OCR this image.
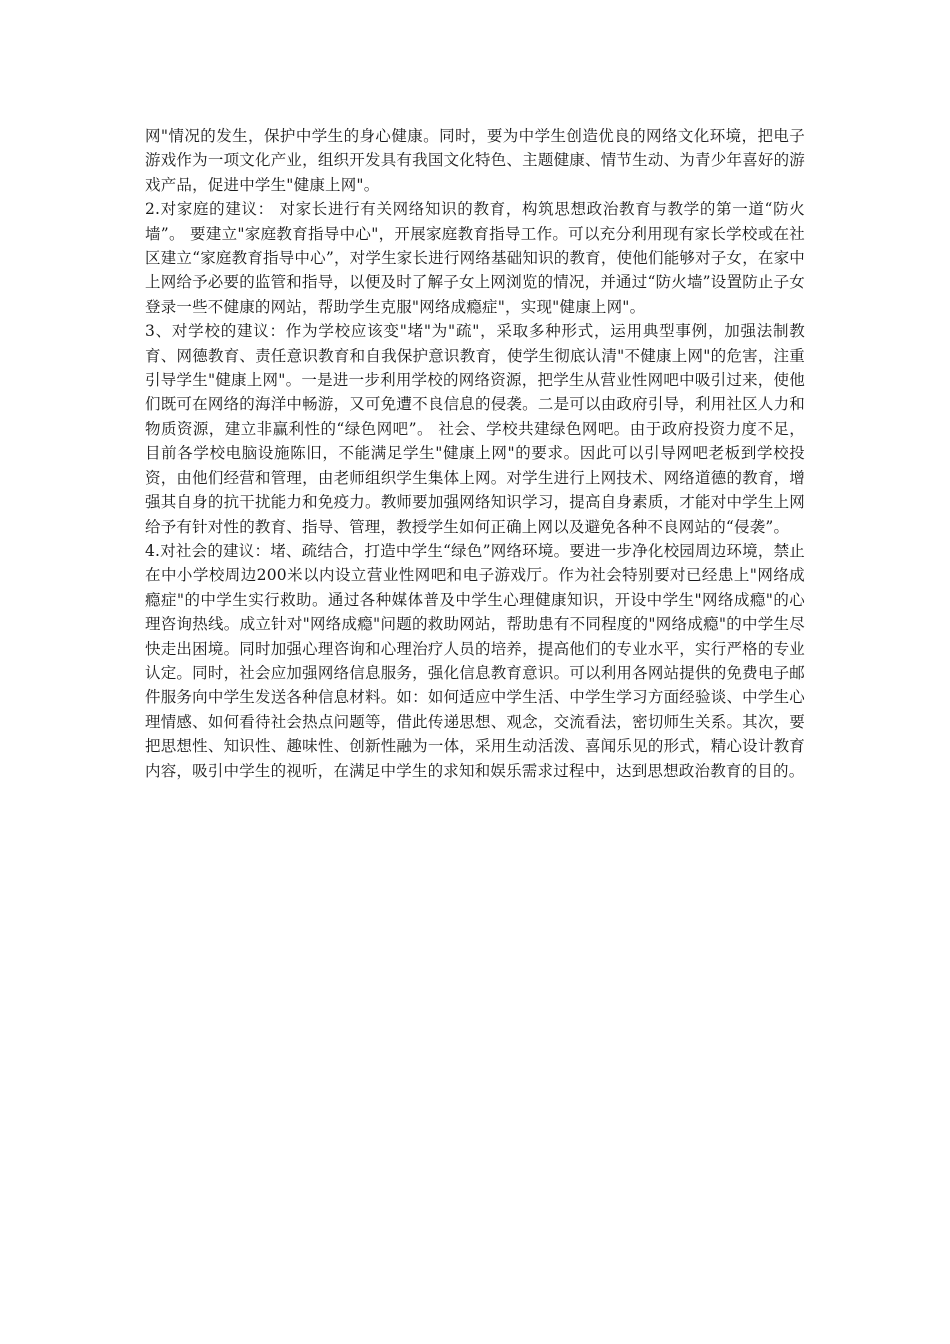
网"情况的发生，保护中学生的身心健康。同时，要为中学生创造优良的网络文化环境，把电子游戏作为一项文化产业，组织开发具有我国文化特色、主题健康、情节生动、为青少年喜好的游戏产品，促进中学生"健康上网"。

2.对家庭的建议： 对家长进行有关网络知识的教育，构筑思想政治教育与教学的第一道“防火墙”。 要建立"家庭教育指导中心"，开展家庭教育指导工作。可以充分利用现有家长学校或在社区建立“家庭教育指导中心”，对学生家长进行网络基础知识的教育，使他们能够对子女，在家中上网给予必要的监管和指导，以便及时了解子女上网浏览的情况，并通过“防火墙”设置防止子女登录一些不健康的网站，帮助学生克服"网络成瘾症"，实现"健康上网"。

3、对学校的建议：作为学校应该变"堵"为"疏"，采取多种形式，运用典型事例，加强法制教育、网德教育、责任意识教育和自我保护意识教育，使学生彻底认清"不健康上网"的危害，注重引导学生"健康上网"。一是进一步利用学校的网络资源，把学生从营业性网吧中吸引过来，使他们既可在网络的海洋中畅游，又可免遭不良信息的侵袭。二是可以由政府引导，利用社区人力和物质资源，建立非赢利性的“绿色网吧”。 社会、学校共建绿色网吧。由于政府投资力度不足，目前各学校电脑设施陈旧，不能满足学生"健康上网"的要求。因此可以引导网吧老板到学校投资，由他们经营和管理，由老师组织学生集体上网。对学生进行上网技术、网络道德的教育，增强其自身的抗干扰能力和免疫力。教师要加强网络知识学习，提高自身素质，才能对中学生上网给予有针对性的教育、指导、管理，教授学生如何正确上网以及避免各种不良网站的“侵袭”。

4.对社会的建议：堵、疏结合，打造中学生“绿色”网络环境。要进一步净化校园周边环境，禁止在中小学校周边200米以内设立营业性网吧和电子游戏厅。作为社会特别要对已经患上"网络成瘾症"的中学生实行救助。通过各种媒体普及中学生心理健康知识，开设中学生"网络成瘾"的心理咨询热线。成立针对"网络成瘾"问题的救助网站，帮助患有不同程度的"网络成瘾"的中学生尽快走出困境。同时加强心理咨询和心理治疗人员的培养，提高他们的专业水平，实行严格的专业认定。同时，社会应加强网络信息服务，强化信息教育意识。可以利用各网站提供的免费电子邮件服务向中学生发送各种信息材料。如：如何适应中学生活、中学生学习方面经验谈、中学生心理情感、如何看待社会热点问题等，借此传递思想、观念，交流看法，密切师生关系。其次，要把思想性、知识性、趣味性、创新性融为一体，采用生动活泼、喜闻乐见的形式，精心设计教育内容，吸引中学生的视听，在满足中学生的求知和娱乐需求过程中，达到思想政治教育的目的。
